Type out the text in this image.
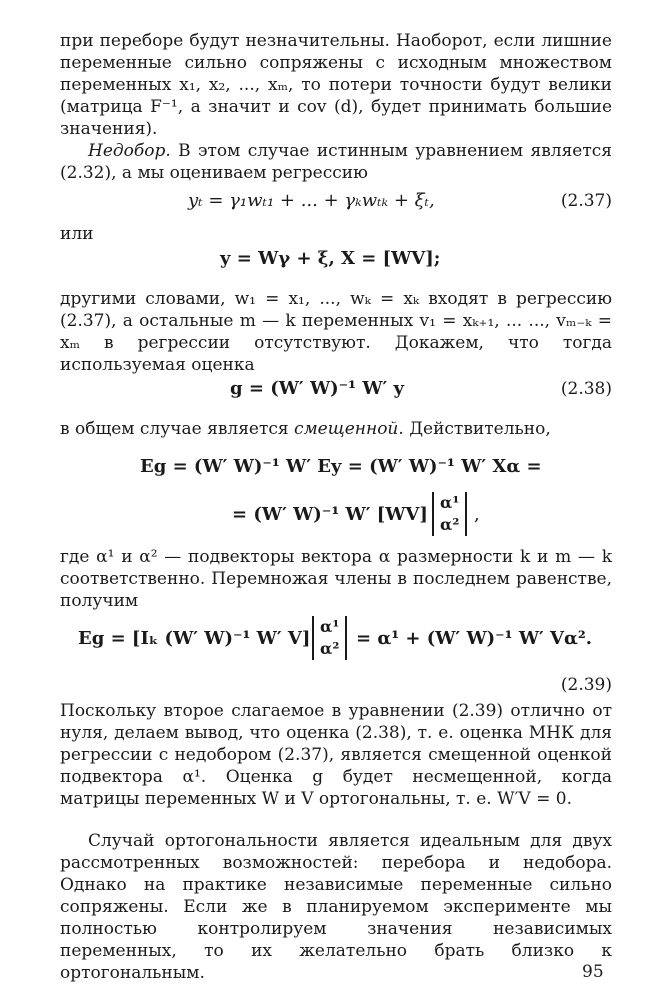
при переборе будут незначительны. Наоборот, если лишние переменные сильно сопряжены с исходным множеством переменных x₁, x₂, ..., xₘ, то потери точности будут велики (матрица F⁻¹, а значит и cov (d), будет принимать большие значения).

Недобор. В этом случае истинным уравнением является (2.32), а мы оцениваем регрессию

yₜ = γ₁wₜ₁ + ... + γₖwₜₖ + ξₜ,	(2.37)
или
y = Wγ + ξ, X = [WV];

другими словами, w₁ = x₁, ..., wₖ = xₖ входят в регрессию (2.37), а остальные m — k переменных v₁ = xₖ₊₁, ... ..., vₘ₋ₖ = xₘ в регрессии отсутствуют. Докажем, что тогда используемая оценка

g = (W′ W)⁻¹ W′ y	(2.38)

в общем случае является смещенной. Действительно,

Eg = (W′ W)⁻¹ W′ Ey = (W′ W)⁻¹ W′ Xα =
= (W′ W)⁻¹ W′ [WV]
α¹
α² ,

где α¹ и α² — подвекторы вектора α размерности k и m — k соответственно. Перемножая члены в последнем равенстве, получим

Eg = [Iₖ (W′ W)⁻¹ W′ V]
α¹
α² = α¹ + (W′ W)⁻¹ W′ Vα².
(2.39)

Поскольку второе слагаемое в уравнении (2.39) отлично от нуля, делаем вывод, что оценка (2.38), т. е. оценка МНК для регрессии с недобором (2.37), является смещенной оценкой подвектора α¹. Оценка g будет несмещенной, когда матрицы переменных W и V ортогональны, т. е. W′V = 0.

Случай ортогональности является идеальным для двух рассмотренных возможностей: перебора и недобора. Однако на практике независимые переменные сильно сопряжены. Если же в планируемом эксперименте мы полностью контролируем значения независимых переменных, то их желательно брать близко к ортогональным.	95
